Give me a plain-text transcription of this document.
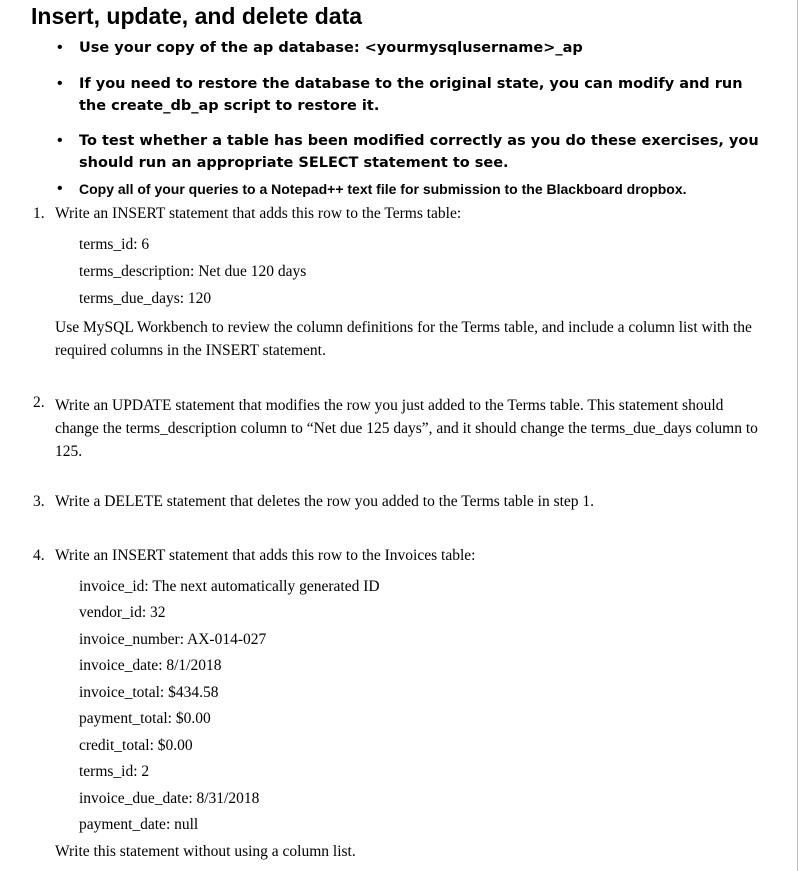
Insert, update, and delete data
• Use your copy of the ap database: <yourmysqlusername>_ap
• If you need to restore the database to the original state, you can modify and run the create_db_ap script to restore it.
• To test whether a table has been modified correctly as you do these exercises, you should run an appropriate SELECT statement to see.
• Copy all of your queries to a Notepad++ text file for submission to the Blackboard dropbox.
1. Write an INSERT statement that adds this row to the Terms table:
terms_id: 6
terms_description: Net due 120 days
terms_due_days: 120
Use MySQL Workbench to review the column definitions for the Terms table, and include a column list with the required columns in the INSERT statement.
2. Write an UPDATE statement that modifies the row you just added to the Terms table. This statement should change the terms_description column to “Net due 125 days”, and it should change the terms_due_days column to 125.
3. Write a DELETE statement that deletes the row you added to the Terms table in step 1.
4. Write an INSERT statement that adds this row to the Invoices table:
invoice_id: The next automatically generated ID
vendor_id: 32
invoice_number: AX-014-027
invoice_date: 8/1/2018
invoice_total: $434.58
payment_total: $0.00
credit_total: $0.00
terms_id: 2
invoice_due_date: 8/31/2018
payment_date: null
Write this statement without using a column list.
